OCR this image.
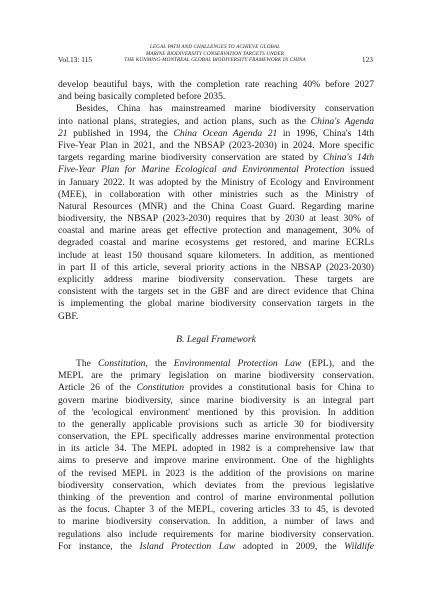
Vol.13: 115
LEGAL PATH AND CHALLENGES TO ACHIEVE GLOBAL
MARINE BIODIVERSITY CONSERVATION TARGETS UNDER
THE KUNMING-MONTREAL GLOBAL BIODIVERSITY FRAMEWORK IN CHINA	123
develop beautiful bays, with the completion rate reaching 40% before 2027
and being basically completed before 2035.
Besides, China has mainstreamed marine biodiversity conservation
into national plans, strategies, and action plans, such as the China's Agenda
21 published in 1994, the China Ocean Agenda 21 in 1996, China's 14th
Five-Year Plan in 2021, and the NBSAP (2023-2030) in 2024. More specific
targets regarding marine biodiversity conservation are stated by China's 14th
Five-Year Plan for Marine Ecological and Environmental Protection issued
in January 2022. It was adopted by the Ministry of Ecology and Environment
(MEE), in collaboration with other ministries such as the Ministry of
Natural Resources (MNR) and the China Coast Guard. Regarding marine
biodiversity, the NBSAP (2023-2030) requires that by 2030 at least 30% of
coastal and marine areas get effective protection and management, 30% of
degraded coastal and marine ecosystems get restored, and marine ECRLs
include at least 150 thousand square kilometers. In addition, as mentioned
in part II of this article, several priority actions in the NBSAP (2023-2030)
explicitly address marine biodiversity conservation. These targets are
consistent with the targets set in the GBF and are direct evidence that China
is implementing the global marine biodiversity conservation targets in the
GBF.
B. Legal Framework
The Constitution, the Environmental Protection Law (EPL), and the
MEPL are the primary legislation on marine biodiversity conservation.
Article 26 of the Constitution provides a constitutional basis for China to
govern marine biodiversity, since marine biodiversity is an integral part
of the 'ecological environment' mentioned by this provision. In addition
to the generally applicable provisions such as article 30 for biodiversity
conservation, the EPL specifically addresses marine environmental protection
in its article 34. The MEPL adopted in 1982 is a comprehensive law that
aims to preserve and improve marine environment. One of the highlights
of the revised MEPL in 2023 is the addition of the provisions on marine
biodiversity conservation, which deviates from the previous legislative
thinking of the prevention and control of marine environmental pollution
as the focus. Chapter 3 of the MEPL, covering articles 33 to 45, is devoted
to marine biodiversity conservation. In addition, a number of laws and
regulations also include requirements for marine biodiversity conservation.
For instance, the Island Protection Law adopted in 2009, the Wildlife
